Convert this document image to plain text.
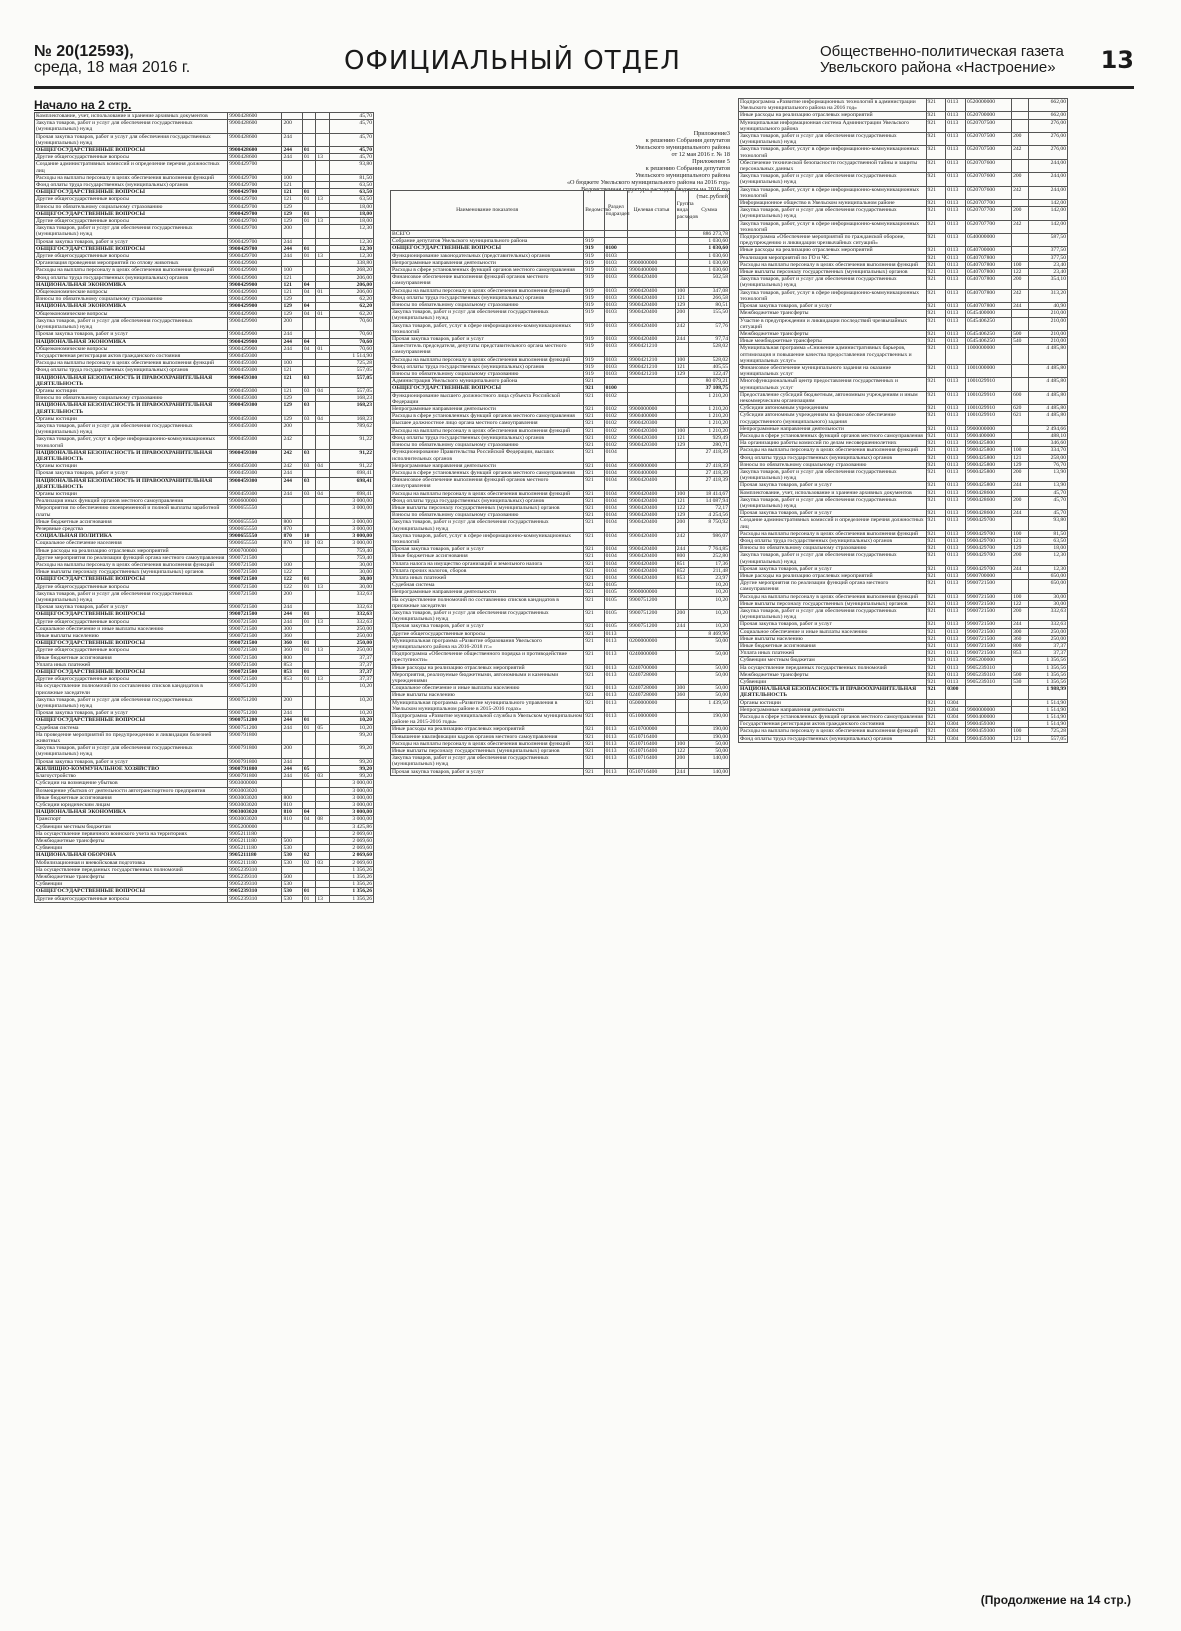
№ 20(12593),
среда, 18 мая 2016 г.	ОФИЦИАЛЬНЫЙ ОТДЕЛ	Общественно-политическая газета
Увельского района «Настроение»	13
Начало на 2 стр.
Комплектование, учет, использование и хранение архивных документов	9900428600				45,70
Закупка товаров, работ и услуг для обеспечения государственных (муниципальных) нужд	9900428600	200			45,70
Прочая закупка товаров, работ и услуг для обеспечения государственных (муниципальных) нужд	9900428600	244			45,70
ОБЩЕГОСУДАРСТВЕННЫЕ ВОПРОСЫ	9900428600	244	01		45,70
Другие общегосударственные вопросы	9900428600	244	01	13	45,70
Создание административных комиссий и определение перечня должностных лиц	9900429700				93,80
Расходы на выплаты персоналу в целях обеспечения выполнения функций	9900429700	100			81,50
Фонд оплаты труда государственных (муниципальных) органов	9900429700	121			63,50
ОБЩЕГОСУДАРСТВЕННЫЕ ВОПРОСЫ	9900429700	121	01		63,50
Другие общегосударственные вопросы	9900429700	121	01	13	63,50
Взносы по обязательному социальному страхованию	9900429700	129			18,00
ОБЩЕГОСУДАРСТВЕННЫЕ ВОПРОСЫ	9900429700	129	01		18,00
Другие общегосударственные вопросы	9900429700	129	01	13	18,00
Закупка товаров, работ и услуг для обеспечения государственных (муниципальных) нужд	9900429700	200			12,30
Прочая закупка товаров, работ и услуг	9900429700	244			12,30
ОБЩЕГОСУДАРСТВЕННЫЕ ВОПРОСЫ	9900429700	244	01		12,30
Другие общегосударственные вопросы	9900429700	244	01	13	12,30
Организация проведения мероприятий по отлову животных	9900429900				338,80
Расходы на выплаты персоналу в целях обеспечения выполнения функций	9900429900	100			268,20
Фонд оплаты труда государственных (муниципальных) органов	9900429900	121			206,00
НАЦИОНАЛЬНАЯ ЭКОНОМИКА	9900429900	121	04		206,00
Общеэкономические вопросы	9900429900	121	04	01	206,00
Взносы по обязательному социальному страхованию	9900429900	129			62,20
НАЦИОНАЛЬНАЯ ЭКОНОМИКА	9900429900	129	04		62,20
Общеэкономические вопросы	9900429900	129	04	01	62,20
Закупка товаров, работ и услуг для обеспечения государственных (муниципальных) нужд	9900429900	200			70,60
Прочая закупка товаров, работ и услуг	9900429900	244			70,60
НАЦИОНАЛЬНАЯ ЭКОНОМИКА	9900429900	244	04		70,60
Общеэкономические вопросы	9900429900	244	04	01	70,60
Государственная регистрация актов гражданского состояния	9900459300				1 514,90
Расходы на выплаты персоналу в целях обеспечения выполнения функций	9900459300	100			725,28
Фонд оплаты труда государственных (муниципальных) органов	9900459300	121			557,05
НАЦИОНАЛЬНАЯ БЕЗОПАСНОСТЬ И ПРАВООХРАНИТЕЛЬНАЯ ДЕЯТЕЛЬНОСТЬ	9900459300	121	03		557,05
Органы юстиции	9900459300	121	03	04	557,05
Взносы по обязательному социальному страхованию	9900459300	129			168,23
НАЦИОНАЛЬНАЯ БЕЗОПАСНОСТЬ И ПРАВООХРАНИТЕЛЬНАЯ ДЕЯТЕЛЬНОСТЬ	9900459300	129	03		168,23
Органы юстиции	9900459300	129	03	04	168,23
Закупка товаров, работ и услуг для обеспечения государственных (муниципальных) нужд	9900459300	200			789,62
Закупка товаров, работ, услуг в сфере информационно-коммуникационных технологий	9900459300	242			91,22
НАЦИОНАЛЬНАЯ БЕЗОПАСНОСТЬ И ПРАВООХРАНИТЕЛЬНАЯ ДЕЯТЕЛЬНОСТЬ	9900459300	242	03		91,22
Органы юстиции	9900459300	242	03	04	91,22
Прочая закупка товаров, работ и услуг	9900459300	244			698,41
НАЦИОНАЛЬНАЯ БЕЗОПАСНОСТЬ И ПРАВООХРАНИТЕЛЬНАЯ ДЕЯТЕЛЬНОСТЬ	9900459300	244	03		698,41
Органы юстиции	9900459300	244	03	04	698,41
Реализация иных функций органов местного самоуправления	9900600000				3 000,00
Мероприятия по обеспечению своевременной и полной выплаты заработной платы	9900655550				3 000,00
Иные бюджетные ассигнования	9900655550	800			3 000,00
Резервные средства	9900655550	870			3 000,00
СОЦИАЛЬНАЯ ПОЛИТИКА	9900655550	870	10		3 000,00
Социальное обеспечение населения	9900655550	870	10	03	3 000,00
Иные расходы на реализацию отраслевых мероприятий	9900700000				759,40
Другие мероприятия по реализации функций органа местного самоуправления	9900721500				759,40
Расходы на выплаты персоналу в целях обеспечения выполнения функций	9900721500	100			30,00
Иные выплаты персоналу государственных (муниципальных) органов	9900721500	122			30,00
ОБЩЕГОСУДАРСТВЕННЫЕ ВОПРОСЫ	9900721500	122	01		30,00
Другие общегосударственные вопросы	9900721500	122	01	13	30,00
Закупка товаров, работ и услуг для обеспечения государственных (муниципальных) нужд	9900721500	200			332,63
Прочая закупка товаров, работ и услуг	9900721500	244			332,63
ОБЩЕГОСУДАРСТВЕННЫЕ ВОПРОСЫ	9900721500	244	01		332,63
Другие общегосударственные вопросы	9900721500	244	01	13	332,63
Социальное обеспечение и иные выплаты населению	9900721500	300			250,00
Иные выплаты населению	9900721500	360			250,00
ОБЩЕГОСУДАРСТВЕННЫЕ ВОПРОСЫ	9900721500	360	01		250,00
Другие общегосударственные вопросы	9900721500	360	01	13	250,00
Иные бюджетные ассигнования	9900721500	800			37,37
Уплата иных платежей	9900721500	853			37,37
ОБЩЕГОСУДАРСТВЕННЫЕ ВОПРОСЫ	9900721500	853	01		37,37
Другие общегосударственные вопросы	9900721500	853	01	13	37,37
На осуществление полномочий по составлению списков кандидатов в присяжные заседатели	9900751200				10,20
Закупка товаров, работ и услуг для обеспечения государственных (муниципальных) нужд	9900751200	200			10,20
Прочая закупка товаров, работ и услуг	9900751200	244			10,20
ОБЩЕГОСУДАРСТВЕННЫЕ ВОПРОСЫ	9900751200	244	01		10,20
Судебная система	9900751200	244	01	05	10,20
На проведение мероприятий по предупреждению и ликвидации болезней животных	9900791800				99,20
Закупка товаров, работ и услуг для обеспечения государственных (муниципальных) нужд	9900791800	200			99,20
Прочая закупка товаров, работ и услуг	9900791800	244			99,20
ЖИЛИЩНО-КОММУНАЛЬНОЕ ХОЗЯЙСТВО	9900791800	244	05		99,20
Благоустройство	9900791800	244	05	03	99,20
Субсидии на возмещение убытков	9903000000				3 000,00
Возмещение убытков от деятельности автотранспортного предприятия	9903003020				3 000,00
Иные бюджетные ассигнования	9903003020	800			3 000,00
Субсидии юридическим лицам	9903003020	810			3 000,00
НАЦИОНАЛЬНАЯ ЭКОНОМИКА	9903003020	810	04		3 000,00
Транспорт	9903003020	810	04	08	3 000,00
Субвенции местным бюджетам	9905200000				3 425,86
На осуществление первичного воинского учета на территориях	9905211180				2 069,60
Межбюджетные трансферты	9905211180	500			2 069,60
Субвенции	9905211180	530			2 069,60
НАЦИОНАЛЬНАЯ ОБОРОНА	9905211180	530	02		2 069,60
Мобилизационная и вневойсковая подготовка	9905211180	530	02	03	2 069,60
На осуществление переданных государственных полномочий	9905239310				1 356,26
Межбюджетные трансферты	9905239310	500			1 356,26
Субвенции	9905239310	530			1 356,26
ОБЩЕГОСУДАРСТВЕННЫЕ ВОПРОСЫ	9905239310	530	01		1 356,26
Другие общегосударственные вопросы	9905239310	530	01	13	1 356,26
Приложение3
к решению Собрания депутатов
Увельского муниципального района
от 12 мая 2016 г. № 18
Приложение 5
к решению Собрания депутатов
Увельского муниципального района
«О бюджете Увельского муниципального района на 2016 год»
Ведомственная структура расходов бюджета на 2016 год
(тыс.рублей)
Наименование показателя	Ведомство	Раздел подраздел	Целевая статья	Группа вида расходов	Сумма
ВСЕГО					886 273,78
Собрание депутатов Увельского муниципального района	919				1 030,60
ОБЩЕГОСУДАРСТВЕННЫЕ ВОПРОСЫ	919	0100			1 030,60
Функционирование законодательных (представительных) органов	919	0103			1 030,60
Непрограммные направления деятельности	919	0103	9900000000		1 030,60
Расходы в сфере установленных функций органов местного самоуправления	919	0103	9900400000		1 030,60
Финансовое обеспечение выполнения функций органов местного самоуправления	919	0103	9900420400		502,58
Расходы на выплаты персоналу в целях обеспечения выполнения функций	919	0103	9900420400	100	347,08
Фонд оплаты труда государственных (муниципальных) органов	919	0103	9900420400	121	266,58
Взносы по обязательному социальному страхованию	919	0103	9900420400	129	80,51
Закупка товаров, работ и услуг для обеспечения государственных (муниципальных) нужд	919	0103	9900420400	200	155,50
Закупка товаров, работ, услуг в сфере информационно-коммуникационных технологий	919	0103	9900420400	242	57,76
Прочая закупка товаров, работ и услуг	919	0103	9900420400	244	97,74
Заместитель председателя, депутаты представительного органа местного самоуправления	919	0103	9900421210		528,02
Расходы на выплаты персоналу в целях обеспечения выполнения функций	919	0103	9900421210	100	528,02
Фонд оплаты труда государственных (муниципальных) органов	919	0103	9900421210	121	405,55
Взносы по обязательному социальному страхованию	919	0103	9900421210	129	122,47
Администрация Увельского муниципального района	921				80 079,21
ОБЩЕГОСУДАРСТВЕННЫЕ ВОПРОСЫ	921	0100			37 108,75
Функционирование высшего должностного лица субъекта Российской Федерации	921	0102			1 210,20
Непрограммные направления деятельности	921	0102	9900000000		1 210,20
Расходы в сфере установленных функций органов местного самоуправления	921	0102	9900400000		1 210,20
Высшее должностное лицо органа местного самоуправления	921	0102	9900420300		1 210,20
Расходы на выплаты персоналу в целях обеспечения выполнения функций	921	0102	9900420300	100	1 210,20
Фонд оплаты труда государственных (муниципальных) органов	921	0102	9900420300	121	929,49
Взносы по обязательному социальному страхованию	921	0102	9900420300	129	280,71
Функционирование Правительства Российской Федерации, высших исполнительных органов	921	0104			27 418,39
Непрограммные направления деятельности	921	0104	9900000000		27 418,39
Расходы в сфере установленных функций органов местного самоуправления	921	0104	9900400000		27 418,39
Финансовое обеспечение выполнения функций органов местного самоуправления	921	0104	9900420400		27 418,39
Расходы на выплаты персоналу в целях обеспечения выполнения функций	921	0104	9900420400	100	18 414,67
Фонд оплаты труда государственных (муниципальных) органов	921	0104	9900420400	121	14 087,94
Иные выплаты персоналу государственных (муниципальных) органов	921	0104	9900420400	122	72,17
Взносы по обязательному социальному страхованию	921	0104	9900420400	129	4 254,56
Закупка товаров, работ и услуг для обеспечения государственных (муниципальных) нужд	921	0104	9900420400	200	8 750,92
Закупка товаров, работ, услуг в сфере информационно-коммуникационных технологий	921	0104	9900420400	242	986,07
Прочая закупка товаров, работ и услуг	921	0104	9900420400	244	7 764,85
Иные бюджетные ассигнования	921	0104	9900420400	800	252,80
Уплата налога на имущество организаций и земельного налога	921	0104	9900420400	851	17,36
Уплата прочих налогов, сборов	921	0104	9900420400	852	211,48
Уплата иных платежей	921	0104	9900420400	853	23,97
Судебная система	921	0105			10,20
Непрограммные направления деятельности	921	0105	9900000000		10,20
На осуществление полномочий по составлению списков кандидатов в присяжные заседатели	921	0105	9900751200		10,20
Закупка товаров, работ и услуг для обеспечения государственных (муниципальных) нужд	921	0105	9900751200	200	10,20
Прочая закупка товаров, работ и услуг	921	0105	9900751200	244	10,20
Другие общегосударственные вопросы	921	0113			8 469,96
Муниципальная программа «Развитие образования Увельского муниципального района на 2016-2018 гг.»	921	0113	0200000000		50,00
Подпрограмма «Обеспечение общественного порядка и противодействие преступности»	921	0113	0240000000		50,00
Иные расходы на реализацию отраслевых мероприятий	921	0113	0240700000		50,00
Мероприятия, реализуемые бюджетными, автономными и казенными учреждениями	921	0113	0240728000		50,00
Социальное обеспечение и иные выплаты населению	921	0113	0240728000	300	50,00
Иные выплаты населению	921	0113	0240728000	360	50,00
Муниципальная программа «Развитие муниципального управления в Увельском муниципальном районе в 2015-2016 годах»	921	0113	0500000000		1 439,50
Подпрограмма «Развитие муниципальной службы в Увельском муниципальном районе на 2015-2016 годы»	921	0113	0510000000		190,00
Иные расходы на реализацию отраслевых мероприятий	921	0113	0510700000		190,00
Повышение квалификации кадров органов местного самоуправления	921	0113	0510716400		190,00
Расходы на выплаты персоналу в целях обеспечения выполнения функций	921	0113	0510716400	100	50,00
Иные выплаты персоналу государственных (муниципальных) органов	921	0113	0510716400	122	50,00
Закупка товаров, работ и услуг для обеспечения государственных (муниципальных) нужд	921	0113	0510716400	200	140,00
Прочая закупка товаров, работ и услуг	921	0113	0510716400	244	140,00
Подпрограмма «Развитие информационных технологий в администрации Увельского муниципального района на 2016 год»	921	0113	0520000000		662,00
Иные расходы на реализацию отраслевых мероприятий	921	0113	0520700000		662,00
Муниципальная информационная система Администрации Увельского муниципального района	921	0113	0520707500		276,00
Закупка товаров, работ и услуг для обеспечения государственных (муниципальных) нужд	921	0113	0520707500	200	276,00
Закупка товаров, работ, услуг в сфере информационно-коммуникационных технологий	921	0113	0520707500	242	276,00
Обеспечение технической безопасности государственной тайны и защиты персональных данных	921	0113	0520707600		244,00
Закупка товаров, работ и услуг для обеспечения государственных (муниципальных) нужд	921	0113	0520707600	200	244,00
Закупка товаров, работ, услуг в сфере информационно-коммуникационных технологий	921	0113	0520707600	242	244,00
Информационное общество в Увельском муниципальном районе	921	0113	0520707700		142,00
Закупка товаров, работ и услуг для обеспечения государственных (муниципальных) нужд	921	0113	0520707700	200	142,00
Закупка товаров, работ, услуг в сфере информационно-коммуникационных технологий	921	0113	0520707700	242	142,00
Подпрограмма «Обеспечение мероприятий по гражданской обороне, предупреждению и ликвидации чрезвычайных ситуаций»	921	0113	0540000000		587,50
Иные расходы на реализацию отраслевых мероприятий	921	0113	0540700000		377,50
Реализация мероприятий по ГО и ЧС	921	0113	0540707800		377,50
Расходы на выплаты персоналу в целях обеспечения выполнения функций	921	0113	0540707800	100	23,40
Иные выплаты персоналу государственных (муниципальных) органов	921	0113	0540707800	122	23,40
Закупка товаров, работ и услуг для обеспечения государственных (муниципальных) нужд	921	0113	0540707800	200	354,10
Закупка товаров, работ, услуг в сфере информационно-коммуникационных технологий	921	0113	0540707800	242	313,20
Прочая закупка товаров, работ и услуг	921	0113	0540707800	244	40,90
Межбюджетные трансферты	921	0113	0545400000		210,00
Участие в предупреждении и ликвидации последствий чрезвычайных ситуаций	921	0113	0545406250		210,00
Межбюджетные трансферты	921	0113	0545406250	500	210,00
Иные межбюджетные трансферты	921	0113	0545406250	540	210,00
Муниципальная программа «Снижение административных барьеров, оптимизация и повышение качества предоставления государственных и муниципальных услуг»	921	0113	1000000000		4 485,80
Финансовое обеспечение муниципального задания на оказание муниципальных услуг	921	0113	1001000000		4 485,80
Многофункциональный центр предоставления государственных и муниципальных услуг	921	0113	1001029910		4 485,80
Предоставление субсидий бюджетным, автономным учреждениям и иным некоммерческим организациям	921	0113	1001029910	600	4 485,80
Субсидии автономным учреждениям	921	0113	1001029910	620	4 485,80
Субсидии автономным учреждениям на финансовое обеспечение государственного (муниципального) задания	921	0113	1001029910	621	4 485,80
Непрограммные направления деятельности	921	0113	9900000000		2 494,66
Расходы в сфере установленных функций органов местного самоуправления	921	0113	9900400000		488,10
На организацию работы комиссий по делам несовершеннолетних	921	0113	9900425800		346,60
Расходы на выплаты персоналу в целях обеспечения выполнения функций	921	0113	9900425800	100	334,70
Фонд оплаты труда государственных (муниципальных) органов	921	0113	9900425800	121	258,00
Взносы по обязательному социальному страхованию	921	0113	9900425800	129	76,70
Закупка товаров, работ и услуг для обеспечения государственных (муниципальных) нужд	921	0113	9900425800	200	13,90
Прочая закупка товаров, работ и услуг	921	0113	9900425800	244	13,90
Комплектование, учет, использование и хранение архивных документов	921	0113	9900428600		45,70
Закупка товаров, работ и услуг для обеспечения государственных (муниципальных) нужд	921	0113	9900428600	200	45,70
Прочая закупка товаров, работ и услуг	921	0113	9900428600	244	45,70
Создание административных комиссий и определение перечня должностных лиц	921	0113	9900429700		93,80
Расходы на выплаты персоналу в целях обеспечения выполнения функций	921	0113	9900429700	100	81,50
Фонд оплаты труда государственных (муниципальных) органов	921	0113	9900429700	121	63,50
Взносы по обязательному социальному страхованию	921	0113	9900429700	129	18,00
Закупка товаров, работ и услуг для обеспечения государственных (муниципальных) нужд	921	0113	9900429700	200	12,30
Прочая закупка товаров, работ и услуг	921	0113	9900429700	244	12,30
Иные расходы на реализацию отраслевых мероприятий	921	0113	9900700000		650,00
Другие мероприятия по реализации функций органа местного самоуправления	921	0113	9900721500		650,00
Расходы на выплаты персоналу в целях обеспечения выполнения функций	921	0113	9900721500	100	30,00
Иные выплаты персоналу государственных (муниципальных) органов	921	0113	9900721500	122	30,00
Закупка товаров, работ и услуг для обеспечения государственных (муниципальных) нужд	921	0113	9900721500	200	332,63
Прочая закупка товаров, работ и услуг	921	0113	9900721500	244	332,63
Социальное обеспечение и иные выплаты населению	921	0113	9900721500	300	250,00
Иные выплаты населению	921	0113	9900721500	360	250,00
Иные бюджетные ассигнования	921	0113	9900721500	800	37,37
Уплата иных платежей	921	0113	9900721500	853	37,37
Субвенции местным бюджетам	921	0113	9905200000		1 356,56
На осуществление переданных государственных полномочий	921	0113	9905239310		1 356,56
Межбюджетные трансферты	921	0113	9905239310	500	1 356,56
Субвенции	921	0113	9905239310	530	1 356,56
НАЦИОНАЛЬНАЯ БЕЗОПАСНОСТЬ И ПРАВООХРАНИТЕЛЬНАЯ ДЕЯТЕЛЬНОСТЬ	921	0300			1 988,99
Органы юстиции	921	0304			1 514,90
Непрограммные направления деятельности	921	0304	9900000000		1 514,90
Расходы в сфере установленных функций органов местного самоуправления	921	0304	9900400000		1 514,90
Государственная регистрация актов гражданского состояния	921	0304	9900459300		1 514,90
Расходы на выплаты персоналу в целях обеспечения выполнения функций	921	0304	9900459300	100	725,28
Фонд оплаты труда государственных (муниципальных) органов	921	0304	9900459300	121	557,05
(Продолжение на 14 стр.)
